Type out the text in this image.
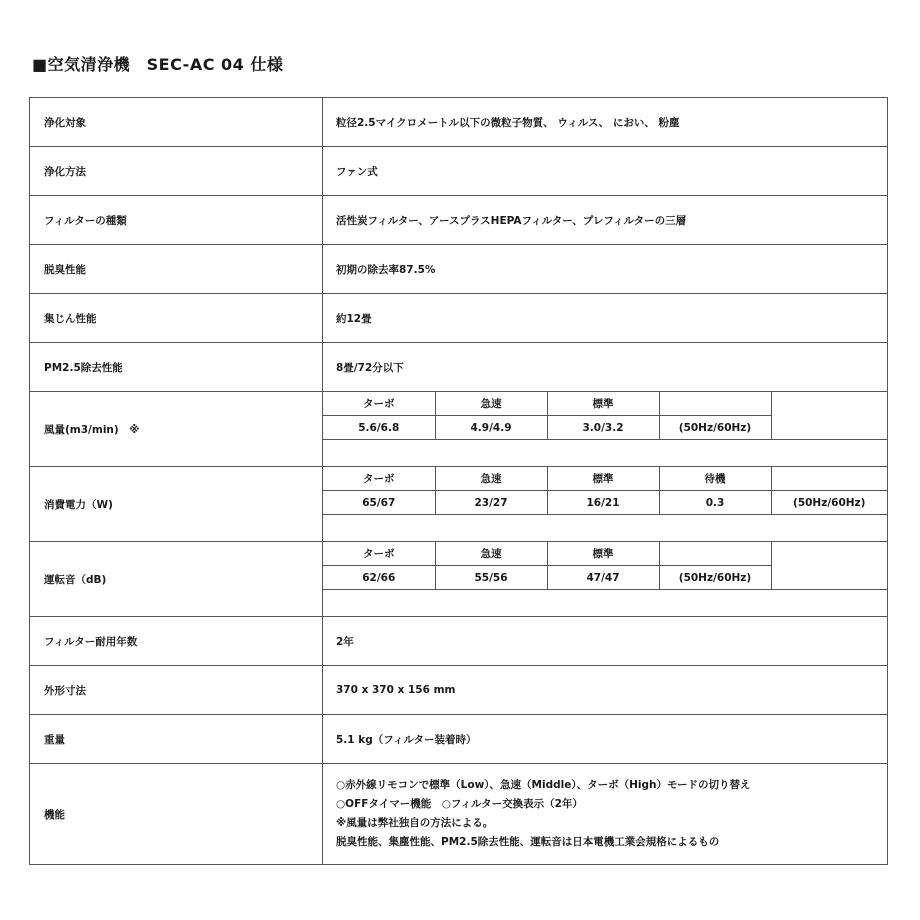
■空気清浄機　SEC-AC 04 仕様
浄化対象	粒径2.5マイクロメートル以下の微粒子物質、 ウィルス、 におい、 粉塵
浄化方法	ファン式
フィルターの種類	活性炭フィルター、アースプラスHEPAフィルター、プレフィルターの三層
脱臭性能	初期の除去率87.5%
集じん性能	約12畳
PM2.5除去性能	8畳/72分以下
風量(m3/min)　※
ターボ	急速	標準		
5.6/6.8	4.9/4.9	3.0/3.2	(50Hz/60Hz)	

消費電力（W)
ターボ	急速	標準	待機	
65/67	23/27	16/21	0.3	(50Hz/60Hz)

運転音（dB)
ターボ	急速	標準		
62/66	55/56	47/47	(50Hz/60Hz)	

フィルター耐用年数	2年
外形寸法	370 x 370 x 156 mm
重量	5.1 kg（フィルター装着時）
機能
○赤外線リモコンで標準（Low）、急速（Middle）、ターボ（High）モードの切り替え
○OFFタイマー機能　○フィルター交換表示（2年）
※風量は弊社独自の方法による。
脱臭性能、集塵性能、PM2.5除去性能、運転音は日本電機工業会規格によるもの
